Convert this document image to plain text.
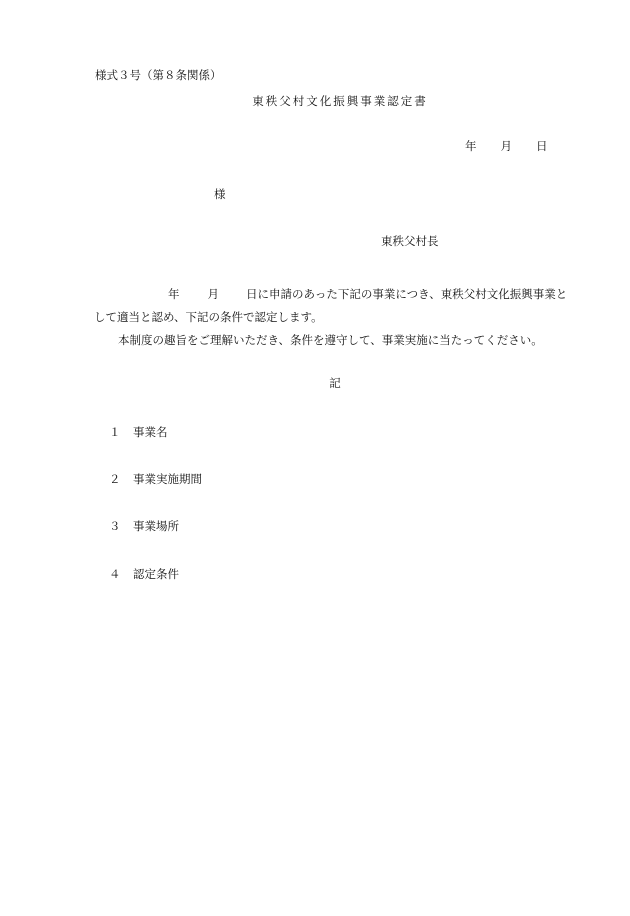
様式３号（第８条関係）
東秩父村文化振興事業認定書
年 月 日
様
東秩父村長
年 月 日に申請のあった下記の事業につき、東秩父村文化振興事業と
して適当と認め、下記の条件で認定します。
本制度の趣旨をご理解いただき、条件を遵守して、事業実施に当たってください。
記
１ 事業名
２ 事業実施期間
３ 事業場所
４ 認定条件
